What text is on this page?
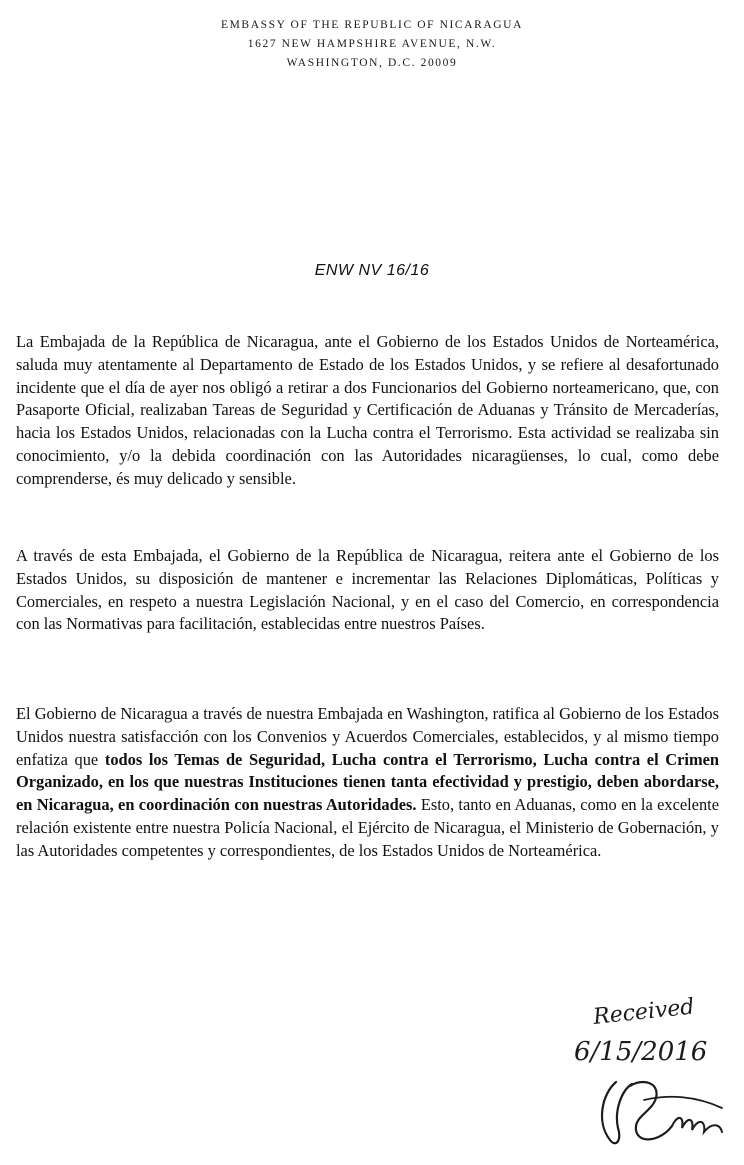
EMBASSY OF THE REPUBLIC OF NICARAGUA
1627 NEW HAMPSHIRE AVENUE, N.W.
WASHINGTON, D.C. 20009
ENW NV 16/16

La Embajada de la República de Nicaragua, ante el Gobierno de los Estados Unidos de Norteamérica, saluda muy atentamente al Departamento de Estado de los Estados Unidos, y se refiere al desafortunado incidente que el día de ayer nos obligó a retirar a dos Funcionarios del Gobierno norteamericano, que, con Pasaporte Oficial, realizaban Tareas de Seguridad y Certificación de Aduanas y Tránsito de Mercaderías, hacia los Estados Unidos, relacionadas con la Lucha contra el Terrorismo. Esta actividad se realizaba sin conocimiento, y/o la debida coordinación con las Autoridades nicaragüenses, lo cual, como debe comprenderse, és muy delicado y sensible.

A través de esta Embajada, el Gobierno de la República de Nicaragua, reitera ante el Gobierno de los Estados Unidos, su disposición de mantener e incrementar las Relaciones Diplomáticas, Políticas y Comerciales, en respeto a nuestra Legislación Nacional, y en el caso del Comercio, en correspondencia con las Normativas para facilitación, establecidas entre nuestros Países.

El Gobierno de Nicaragua a través de nuestra Embajada en Washington, ratifica al Gobierno de los Estados Unidos nuestra satisfacción con los Convenios y Acuerdos Comerciales, establecidos, y al mismo tiempo enfatiza que todos los Temas de Seguridad, Lucha contra el Terrorismo, Lucha contra el Crimen Organizado, en los que nuestras Instituciones tienen tanta efectividad y prestigio, deben abordarse, en Nicaragua, en coordinación con nuestras Autoridades. Esto, tanto en Aduanas, como en la excelente relación existente entre nuestra Policía Nacional, el Ejército de Nicaragua, el Ministerio de Gobernación, y las Autoridades competentes y correspondientes, de los Estados Unidos de Norteamérica.

Received
6/15/2016
